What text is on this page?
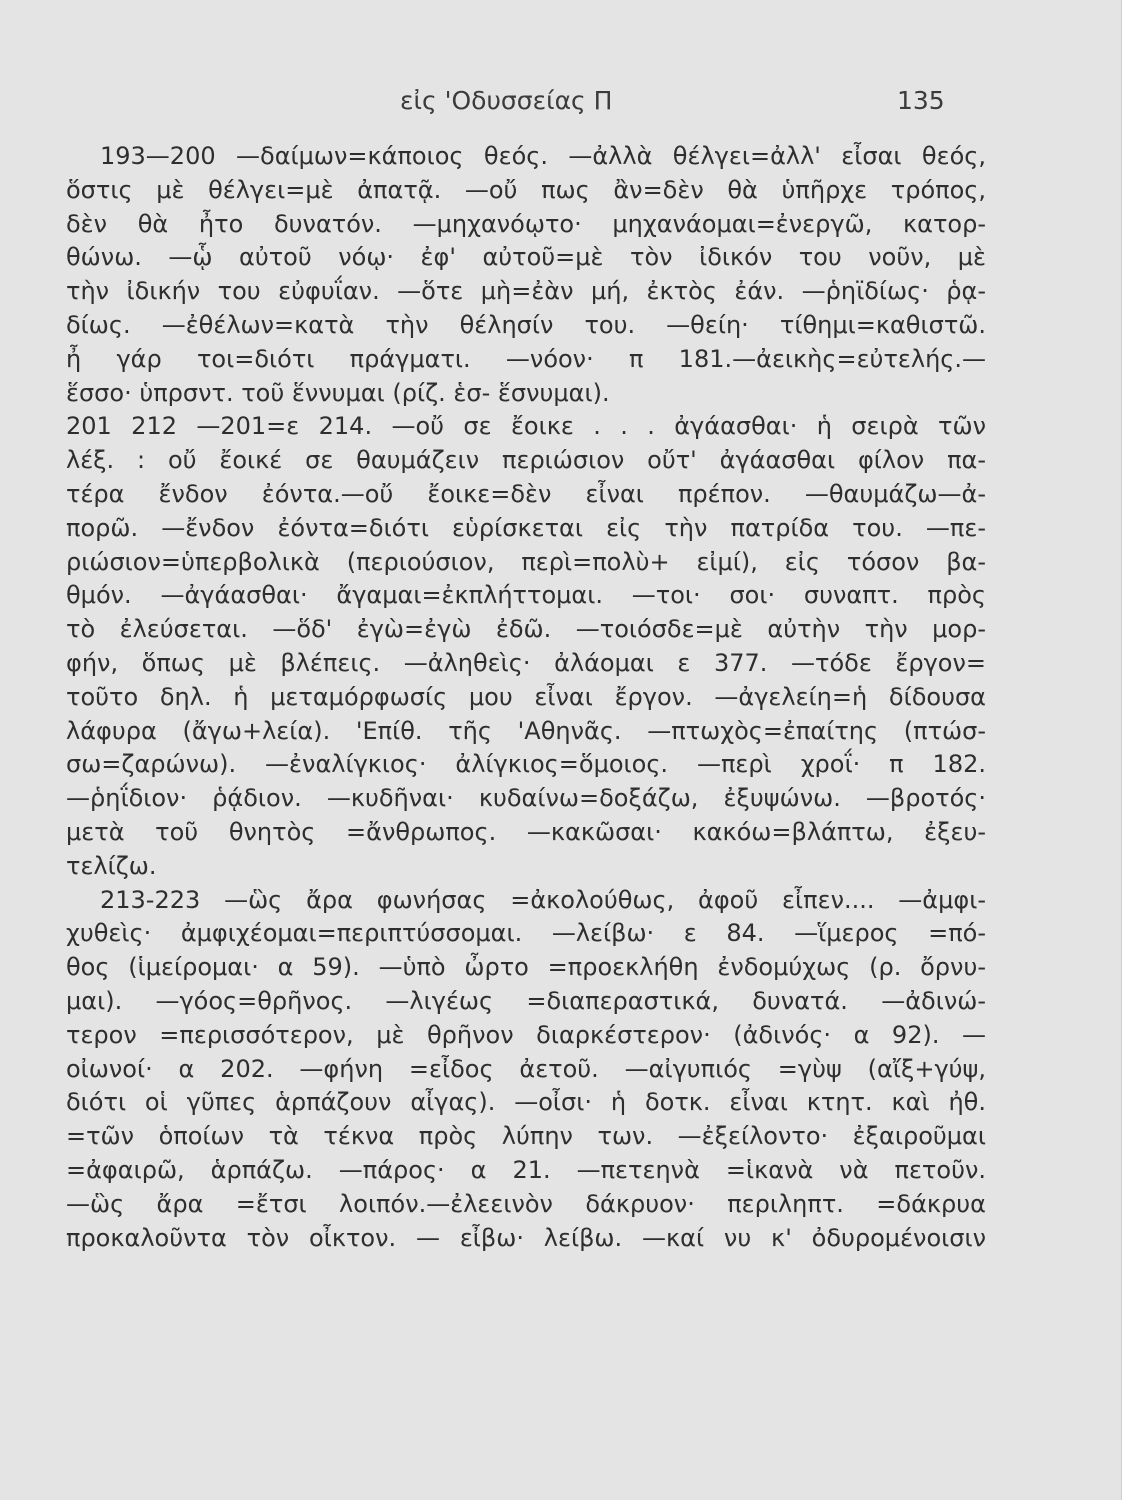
εἰς 'Οδυσσείας Π	135
193—200 —δαίμων=κάποιος θεός. —ἀλλὰ θέλγει=ἀλλ' εἶσαι θεός,
ὅστις μὲ θέλγει=μὲ ἀπατᾷ. —οὔ πως ἂν=δὲν θὰ ὑπῆρχε τρόπος,
δὲν θὰ ἦτο δυνατόν. —μηχανόῳτο· μηχανάομαι=ἐνεργῶ, κατορ-
θώνω. —ᾧ αὐτοῦ νόῳ· ἐφ' αὐτοῦ=μὲ τὸν ἰδικόν του νοῦν, μὲ
τὴν ἰδικήν του εὐφυΐαν. —ὅτε μὴ=ἐὰν μή, ἐκτὸς ἐάν. —ῥηϊδίως· ῥᾳ-
δίως. —ἐθέλων=κατὰ τὴν θέλησίν του. —θείη· τίθημι=καθιστῶ.
ἦ γάρ τοι=διότι πράγματι. —νόον· π 181.—ἀεικὴς=εὐτελής.—
ἕσσο· ὑπρσντ. τοῦ ἕννυμαι (ρίζ. ἑσ- ἕσνυμαι).
201 212 —201=ε 214. —οὔ σε ἔοικε . . . ἀγάασθαι· ἡ σειρὰ τῶν
λέξ. : οὔ ἔοικέ σε θαυμάζειν περιώσιον οὔτ' ἀγάασθαι φίλον πα-
τέρα ἔνδον ἐόντα.—οὔ ἔοικε=δὲν εἶναι πρέπον. —θαυμάζω—ἀ-
πορῶ. —ἔνδον ἐόντα=διότι εὑρίσκεται εἰς τὴν πατρίδα του. —πε-
ριώσιον=ὑπερβολικὰ (περιούσιον, περὶ=πολὺ+ εἰμί), εἰς τόσον βα-
θμόν. —ἀγάασθαι· ἄγαμαι=ἐκπλήττομαι. —τοι· σοι· συναπτ. πρὸς
τὸ ἐλεύσεται. —ὅδ' ἐγὼ=ἐγὼ ἐδῶ. —τοιόσδε=μὲ αὐτὴν τὴν μορ-
φήν, ὅπως μὲ βλέπεις. —ἀληθεὶς· ἀλάομαι ε 377. —τόδε ἔργον=
τοῦτο δηλ. ἡ μεταμόρφωσίς μου εἶναι ἔργον. —ἀγελείη=ἡ δίδουσα
λάφυρα (ἄγω+λεία). 'Επίθ. τῆς 'Αθηνᾶς. —πτωχὸς=ἐπαίτης (πτώσ-
σω=ζαρώνω). —ἐναλίγκιος· ἀλίγκιος=ὅμοιος. —περὶ χροΐ· π 182.
—ῥηΐδιον· ῥᾴδιον. —κυδῆναι· κυδαίνω=δοξάζω, ἐξυψώνω. —βροτός·
μετὰ τοῦ θνητὸς =ἄνθρωπος. —κακῶσαι· κακόω=βλάπτω, ἐξευ-
τελίζω.
213-223 —ὣς ἄρα φωνήσας =ἀκολούθως, ἀφοῦ εἶπεν.... —ἀμφι-
χυθεὶς· ἀμφιχέομαι=περιπτύσσομαι. —λείβω· ε 84. —ἵμερος =πό-
θος (ἱμείρομαι· α 59). —ὑπὸ ὦρτο =προεκλήθη ἐνδομύχως (ρ. ὄρνυ-
μαι). —γόος=θρῆνος. —λιγέως =διαπεραστικά, δυνατά. —ἀδινώ-
τερον =περισσότερον, μὲ θρῆνον διαρκέστερον· (ἀδινός· α 92). —
οἰωνοί· α 202. —φήνη =εἶδος ἀετοῦ. —αἰγυπιός =γὺψ (αἴξ+γύψ,
διότι οἱ γῦπες ἁρπάζουν αἶγας). —οἶσι· ἡ δοτκ. εἶναι κτητ. καὶ ἠθ.
=τῶν ὁποίων τὰ τέκνα πρὸς λύπην των. —ἐξείλοντο· ἐξαιροῦμαι
=ἀφαιρῶ, ἁρπάζω. —πάρος· α 21. —πετεηνὰ =ἱκανὰ νὰ πετοῦν.
—ὣς ἄρα =ἔτσι λοιπόν.—ἐλεεινὸν δάκρυον· περιληπτ. =δάκρυα
προκαλοῦντα τὸν οἶκτον. — εἶβω· λείβω. —καί νυ κ' ὀδυρομένοισιν
